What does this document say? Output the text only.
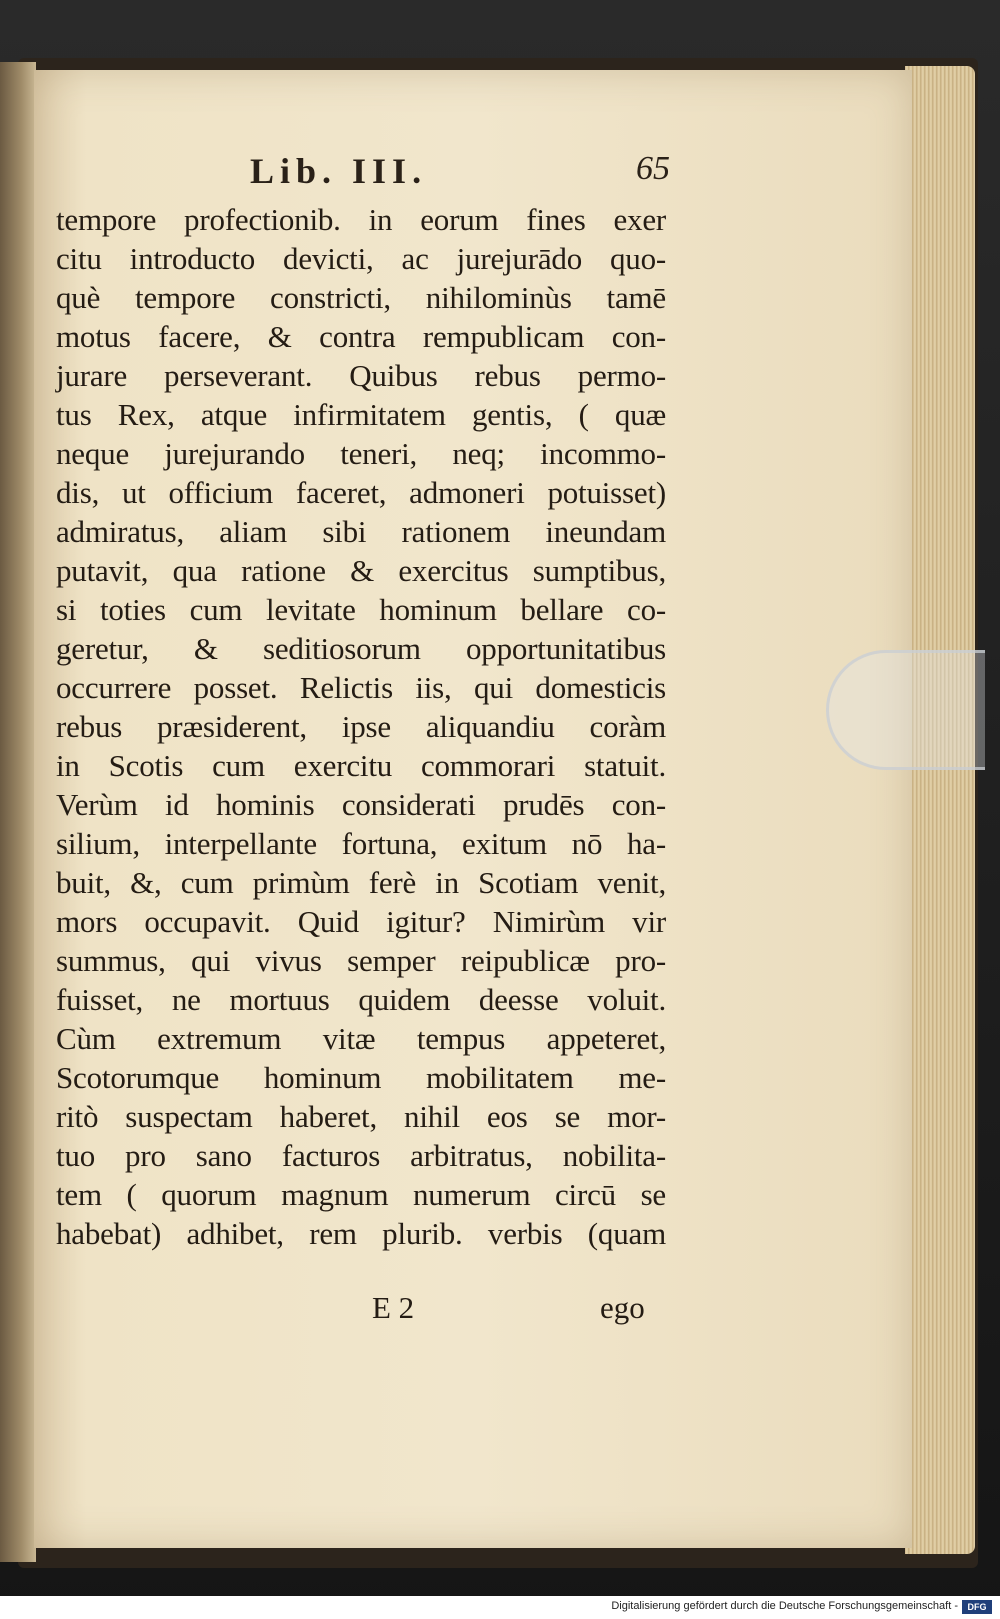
Lib. III.	65
tempore profectionib. in eorum fines exer
citu introducto devicti, ac jurejurādo quo-
què tempore constricti, nihilominùs tamē
motus facere, & contra rempublicam con-
jurare perseverant. Quibus rebus permo-
tus Rex, atque infirmitatem gentis, ( quæ
neque jurejurando teneri, neq; incommo-
dis, ut officium faceret, admoneri potuisset)
admiratus, aliam sibi rationem ineundam
putavit, qua ratione & exercitus sumptibus,
si toties cum levitate hominum bellare co-
geretur, & seditiosorum opportunitatibus
occurrere posset. Relictis iis, qui domesticis
rebus præsiderent, ipse aliquandiu coràm
in Scotis cum exercitu commorari statuit.
Verùm id hominis considerati prudēs con-
silium, interpellante fortuna, exitum nō ha-
buit, &, cum primùm ferè in Scotiam venit,
mors occupavit. Quid igitur? Nimirùm vir
summus, qui vivus semper reipublicæ pro-
fuisset, ne mortuus quidem deesse voluit.
Cùm extremum vitæ tempus appeteret,
Scotorumque hominum mobilitatem me-
ritò suspectam haberet, nihil eos se mor-
tuo pro sano facturos arbitratus, nobilita-
tem ( quorum magnum numerum circū se
habebat) adhibet, rem plurib. verbis (quam
E 2	ego
Digitalisierung gefördert durch die Deutsche Forschungsgemeinschaft -	DFG
